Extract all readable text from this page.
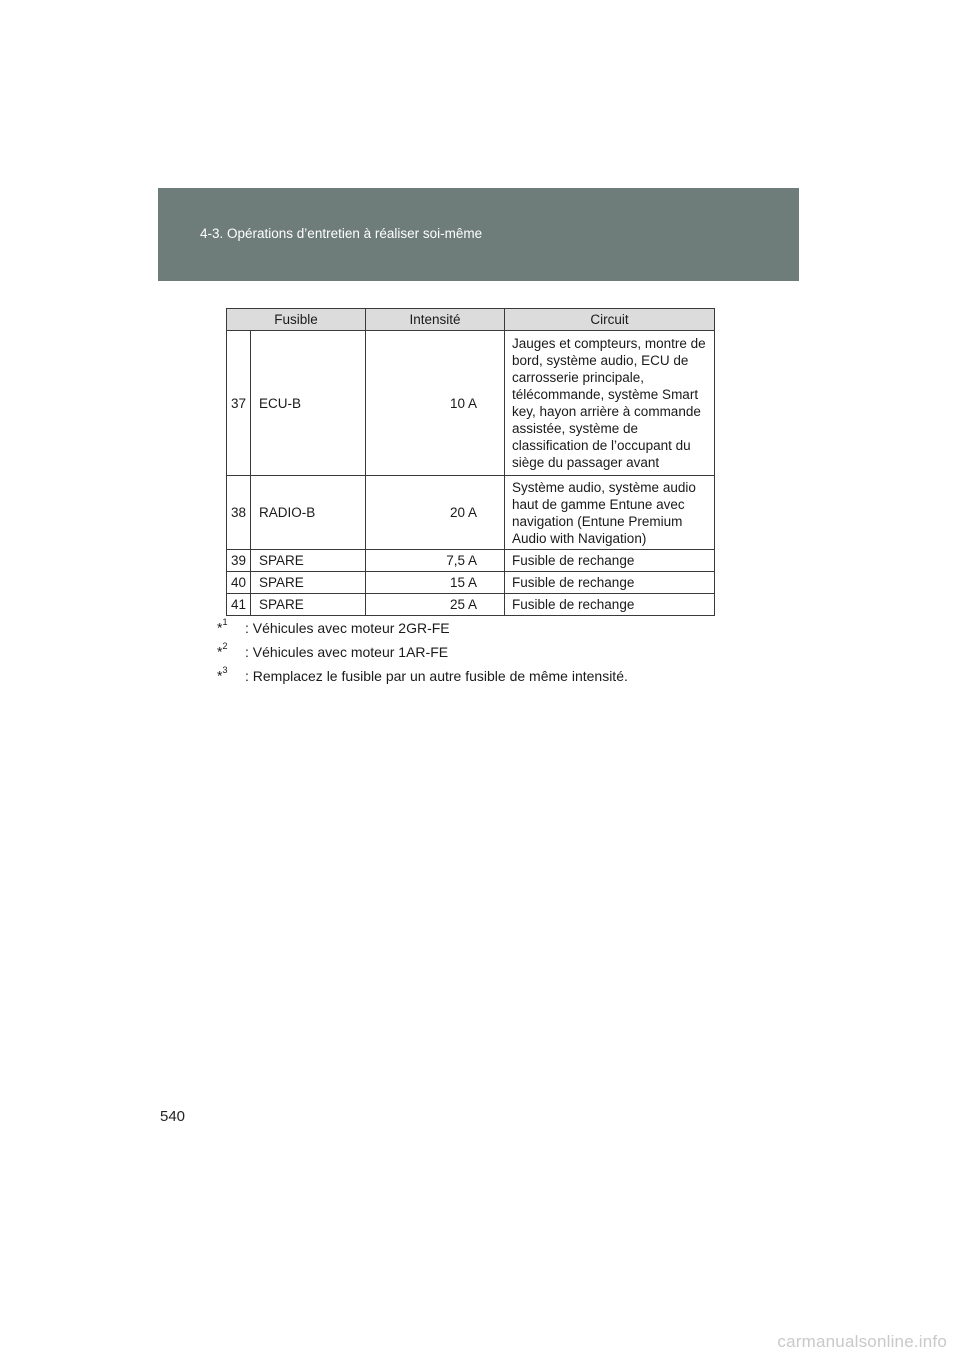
4-3. Opérations d’entretien à réaliser soi-même
Fusible		Intensité	Circuit
37	ECU-B	10 A	Jauges et compteurs, montre de bord, système audio, ECU de carrosserie principale, télécommande, système Smart key, hayon arrière à commande assistée, système de classification de l’occupant du siège du passager avant
38	RADIO-B	20 A	Système audio, système audio haut de gamme Entune avec navigation (Entune Premium Audio with Navigation)
39	SPARE	7,5 A	Fusible de rechange
40	SPARE	15 A	Fusible de rechange
41	SPARE	25 A	Fusible de rechange
*$^1$ : Véhicules avec moteur 2GR-FE
*$^2$ : Véhicules avec moteur 1AR-FE
*$^3$ : Remplacez le fusible par un autre fusible de même intensité.
540
carmanualsonline.info
